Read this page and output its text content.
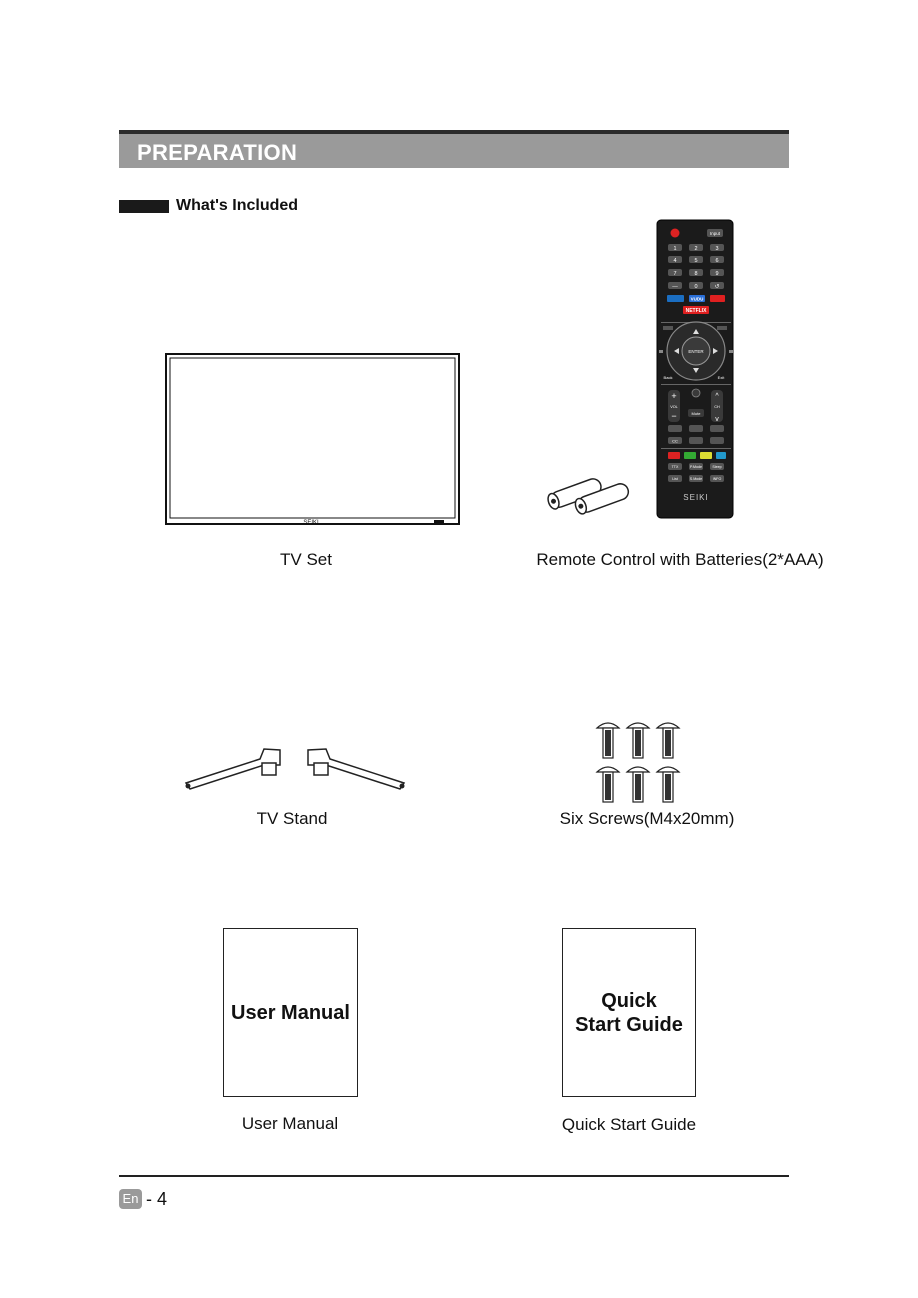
PREPARATION
What's Included
SEIKI
TV Set
Input
1	2	3
4	5	6
7	8	9
—	0	↺
VUDU
NETFLIX
ENTER
Back	Exit
+
−
VOL	CH
^
v
Mute
CC
TTX	P.Mode	Sleep
List	S.Mode	INFO
SEIKI
Remote Control with Batteries(2*AAA)
TV Stand	Six Screws(M4x20mm)
User Manual
User Manual
Quick
Start Guide
Quick Start Guide
En - 4
